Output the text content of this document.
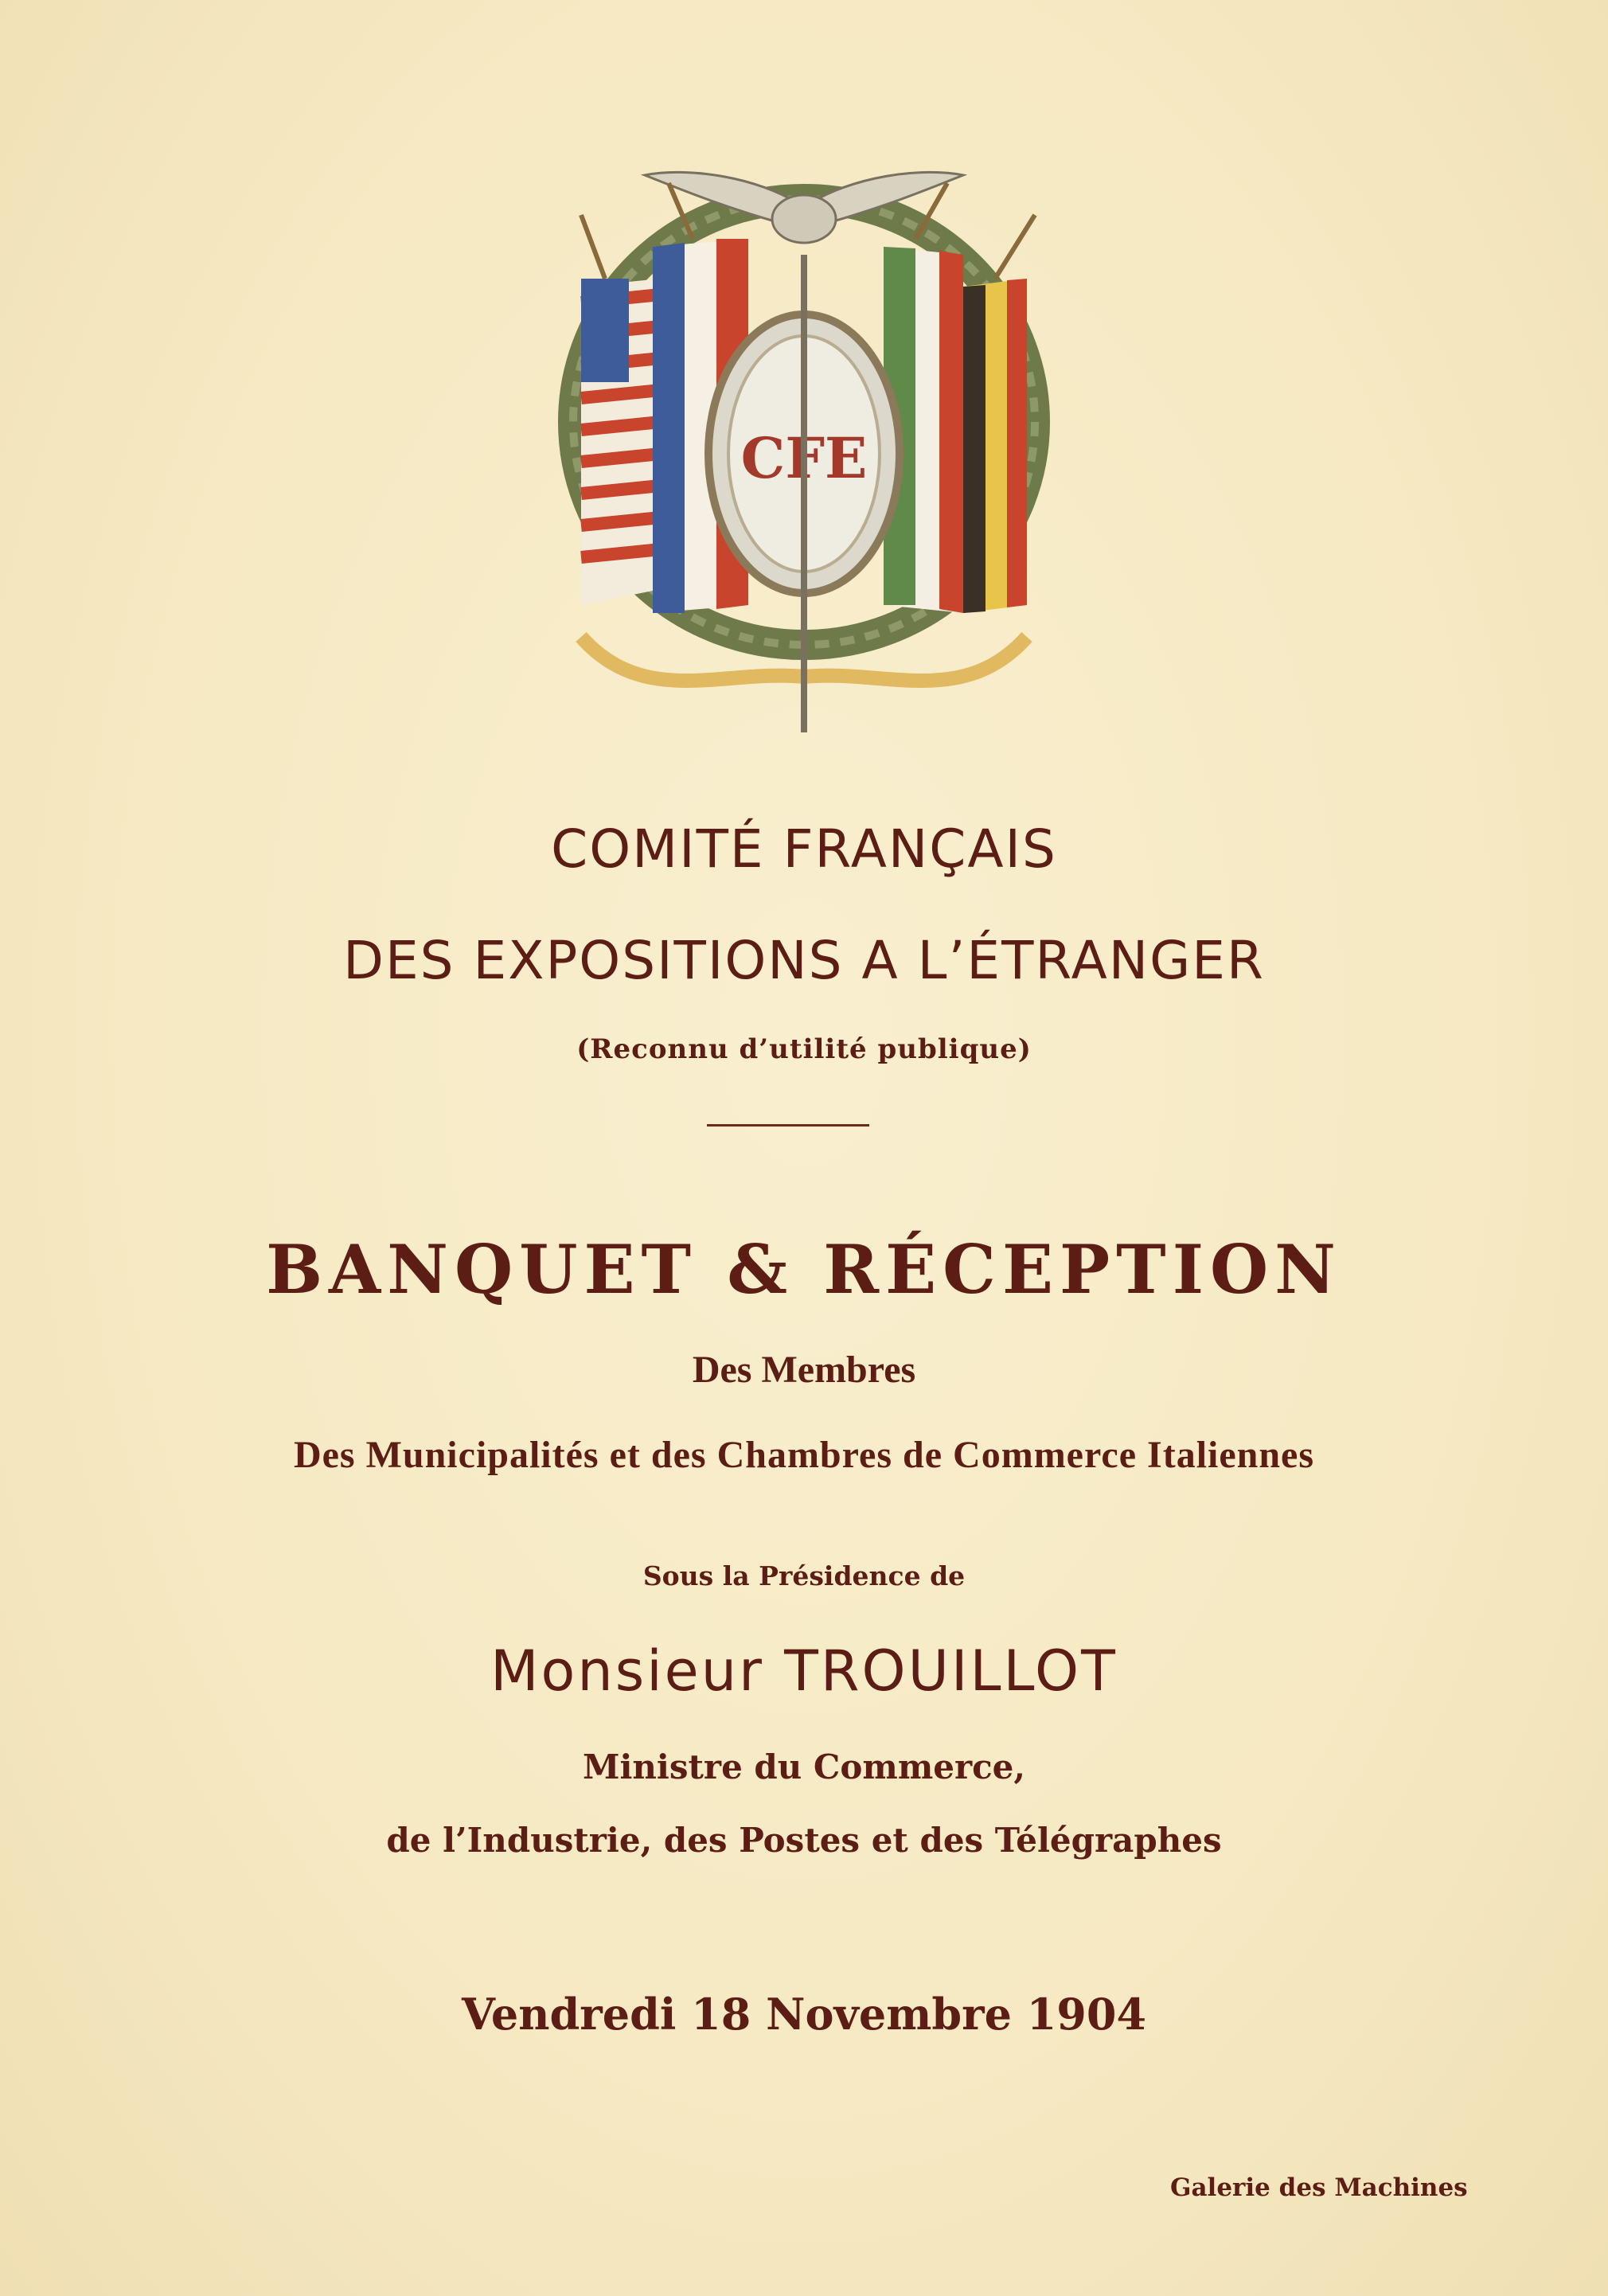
CFE
COMITÉ FRANÇAIS
DES EXPOSITIONS A L’ÉTRANGER
(Reconnu d’utilité publique)
BANQUET & RÉCEPTION
Des Membres
Des Municipalités et des Chambres de Commerce Italiennes
Sous la Présidence de
Monsieur TROUILLOT
Ministre du Commerce,
de l’Industrie, des Postes et des Télégraphes
Vendredi 18 Novembre 1904
Galerie des Machines
